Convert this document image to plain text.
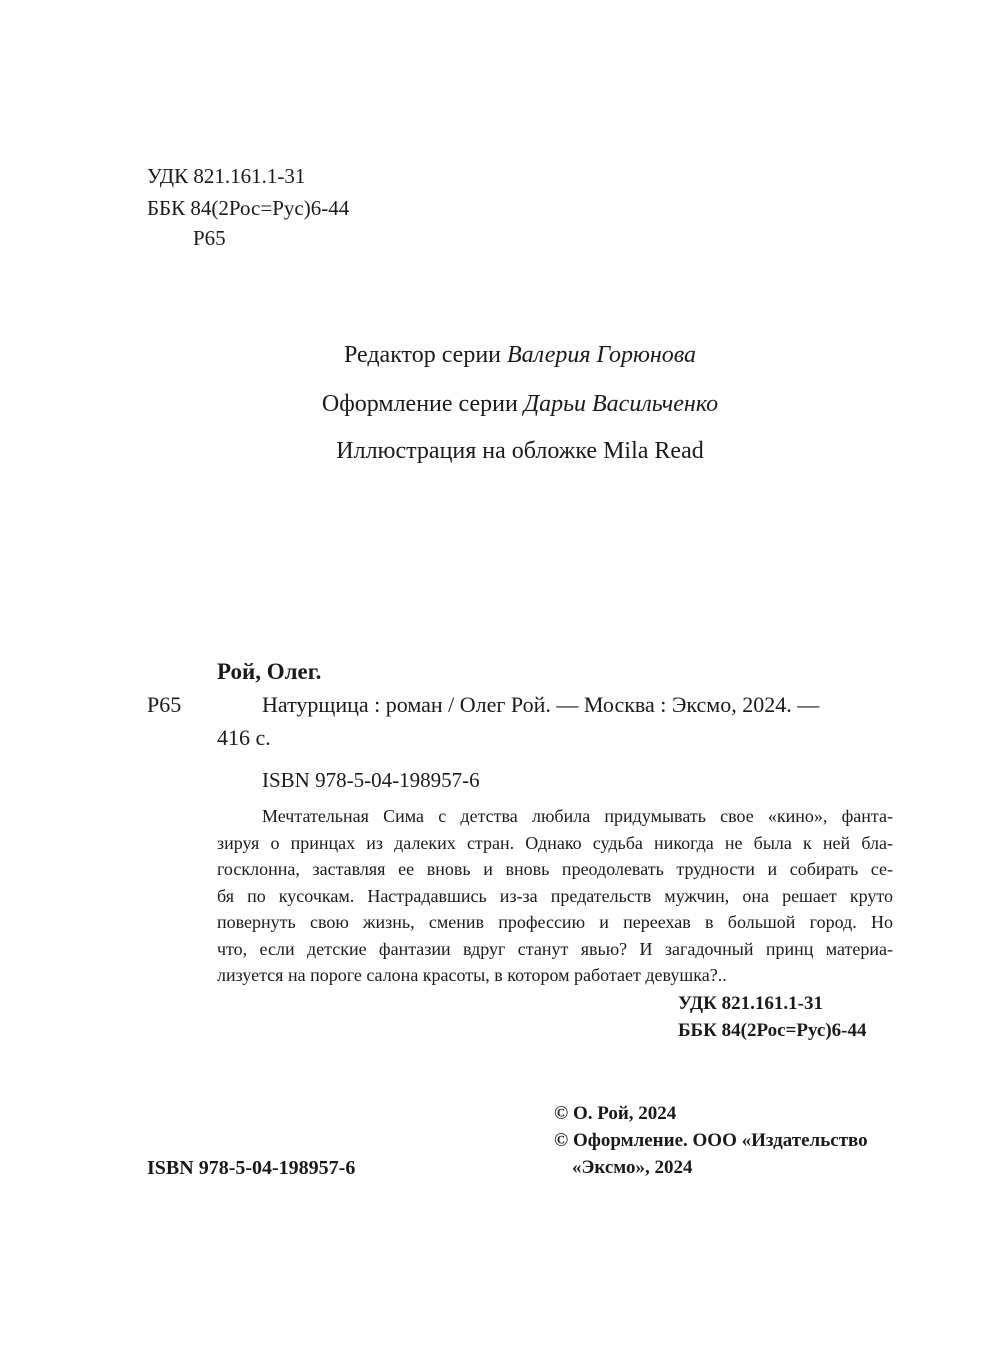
УДК 821.161.1-31
ББК 84(2Рос=Рус)6-44
Р65
Редактор серии Валерия Горюнова
Оформление серии Дарьи Васильченко
Иллюстрация на обложке Mila Read
Рой, Олег.
Р65	Натурщица : роман / Олег Рой. — Москва : Эксмо, 2024. —
416 с.
ISBN 978-5-04-198957-6
Мечтательная Сима с детства любила придумывать свое «кино», фанта-
зируя о принцах из далеких стран. Однако судьба никогда не была к ней бла-
госклонна, заставляя ее вновь и вновь преодолевать трудности и собирать се-
бя по кусочкам. Настрадавшись из-за предательств мужчин, она решает круто
повернуть свою жизнь, сменив профессию и переехав в большой город. Но
что, если детские фантазии вдруг станут явью? И загадочный принц материа-
лизуется на пороге салона красоты, в котором работает девушка?..
УДК 821.161.1-31
ББК 84(2Рос=Рус)6-44
© О. Рой, 2024
© Оформление. ООО «Издательство
«Эксмо», 2024
ISBN 978-5-04-198957-6
